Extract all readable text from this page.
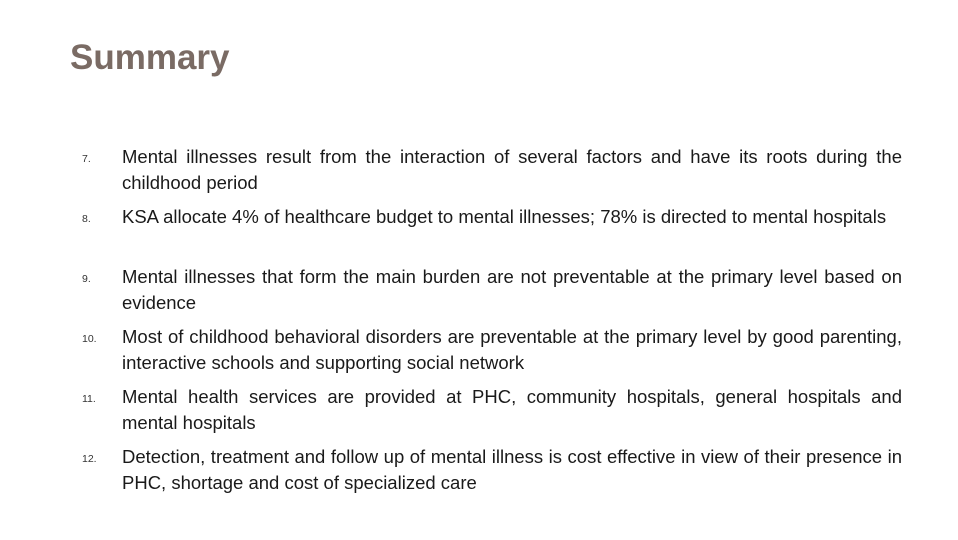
Summary
7. Mental illnesses result from the interaction of several factors and have its roots during the childhood period
8. KSA allocate 4% of healthcare budget to mental illnesses; 78% is directed to mental hospitals
9. Mental illnesses that form the main burden are not preventable at the primary level based on evidence
10. Most of childhood behavioral disorders are preventable at the primary level by good parenting, interactive schools and supporting social network
11. Mental health services are provided at PHC, community hospitals, general hospitals and mental hospitals
12. Detection, treatment and follow up of mental illness is cost effective in view of their presence in PHC, shortage and cost of specialized care
